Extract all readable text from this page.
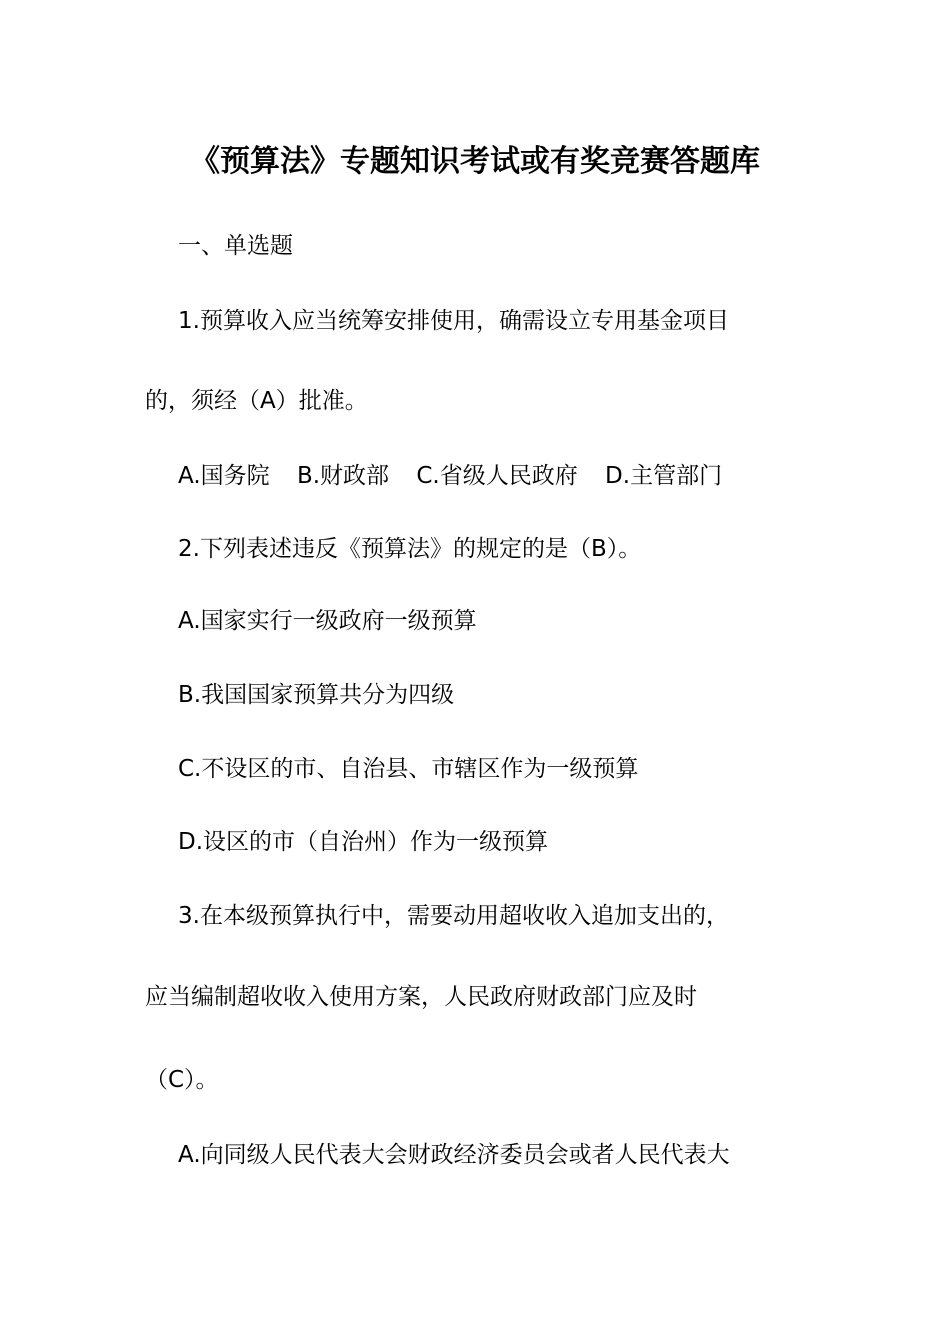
《预算法》专题知识考试或有奖竞赛答题库
一、单选题
1.预算收入应当统筹安排使用，确需设立专用基金项目
的，须经（A）批准。
A.国务院 B.财政部 C.省级人民政府 D.主管部门
2.下列表述违反《预算法》的规定的是（B）。
A.国家实行一级政府一级预算
B.我国国家预算共分为四级
C.不设区的市、自治县、市辖区作为一级预算
D.设区的市（自治州）作为一级预算
3.在本级预算执行中，需要动用超收收入追加支出的，
应当编制超收收入使用方案，人民政府财政部门应及时
（C）。
A.向同级人民代表大会财政经济委员会或者人民代表大
